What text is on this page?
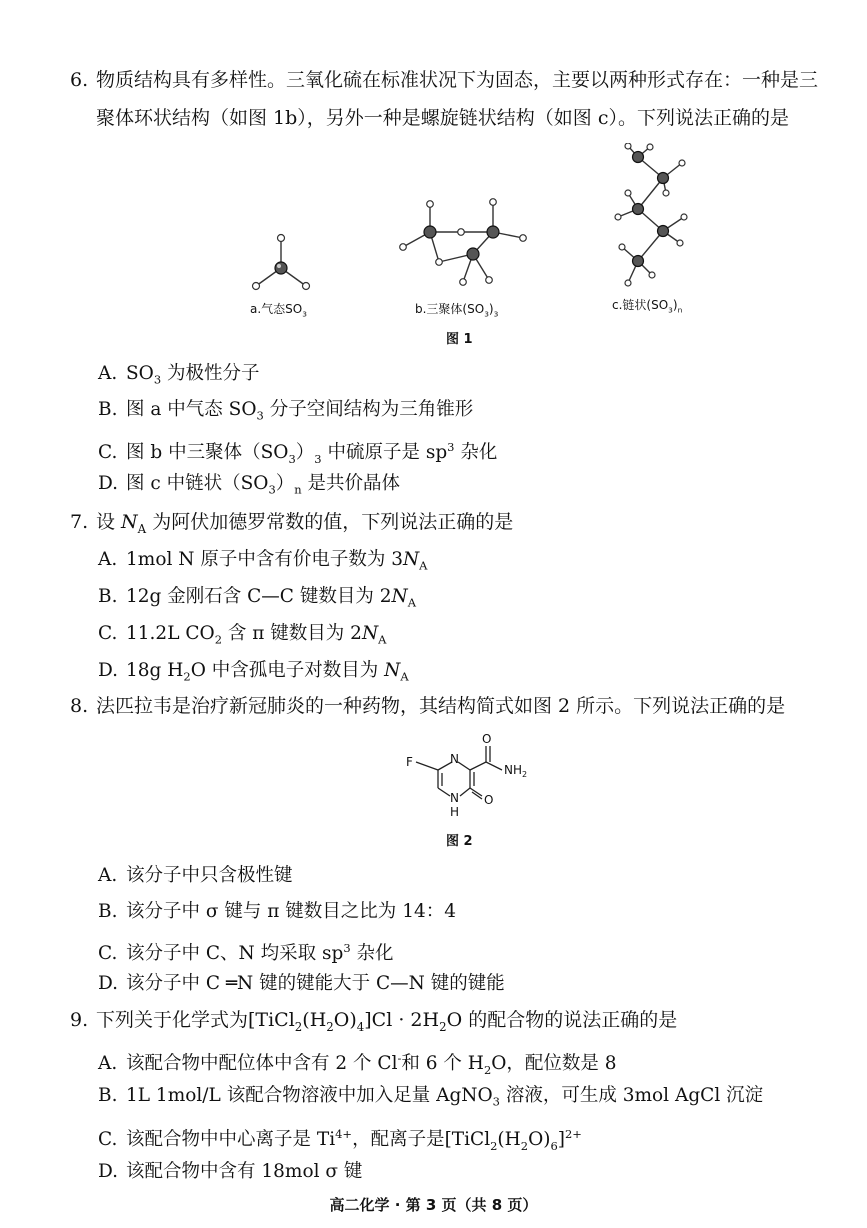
6. 物质结构具有多样性。三氧化硫在标准状况下为固态，主要以两种形式存在：一种是三
聚体环状结构（如图 1b），另外一种是螺旋链状结构（如图 c）。下列说法正确的是
a.气态$SO_3$	b.三聚体$(SO_3)_3$
c.链状$(SO_3)_n$
图 1
A. $SO_3$ 为极性分子
B. 图 a 中气态 $SO_3$ 分子空间结构为三角锥形
C. 图 b 中三聚体$(SO_3)_3$ 中硫原子是 $sp^3$ 杂化
D. 图 c 中链状$(SO_3)_n$ 是共价晶体
7. 设 $N_A$ 为阿伏加德罗常数的值，下列说法正确的是
A. 1mol N 原子中含有价电子数为 $3N_A$
B. 12g 金刚石含 C—C 键数目为 $2N_A$
C. 11.2L $CO_2$ 含 π 键数目为 $2N_A$
D. 18g $H_2O$ 中含孤电子对数目为 $N_A$
8. 法匹拉韦是治疗新冠肺炎的一种药物，其结构简式如图 2 所示。下列说法正确的是
F	N
N
H
O
O
$NH_2$
图 2
A. 该分子中只含极性键
B. 该分子中 σ 键与 π 键数目之比为 14：4
C. 该分子中 C、N 均采取 $sp^3$ 杂化
D. 该分子中 C ═N 键的键能大于 C—N 键的键能
9. 下列关于化学式为$[TiCl_2(H_2O)_4]Cl \cdot 2H_2O$ 的配合物的说法正确的是
A. 该配合物中配位体中含有 2 个 Cl-和 6 个 $H_2O$，配位数是 8
B. 1L 1mol/L 该配合物溶液中加入足量 AgNO$_3$ 溶液，可生成 3mol AgCl 沉淀
C. 该配合物中中心离子是 $Ti^{4+}$，配离子是$[TiCl_2(H_2O)_6]^{2+}$
D. 该配合物中含有 18mol σ 键
高二化学 · 第 3 页（共 8 页）
